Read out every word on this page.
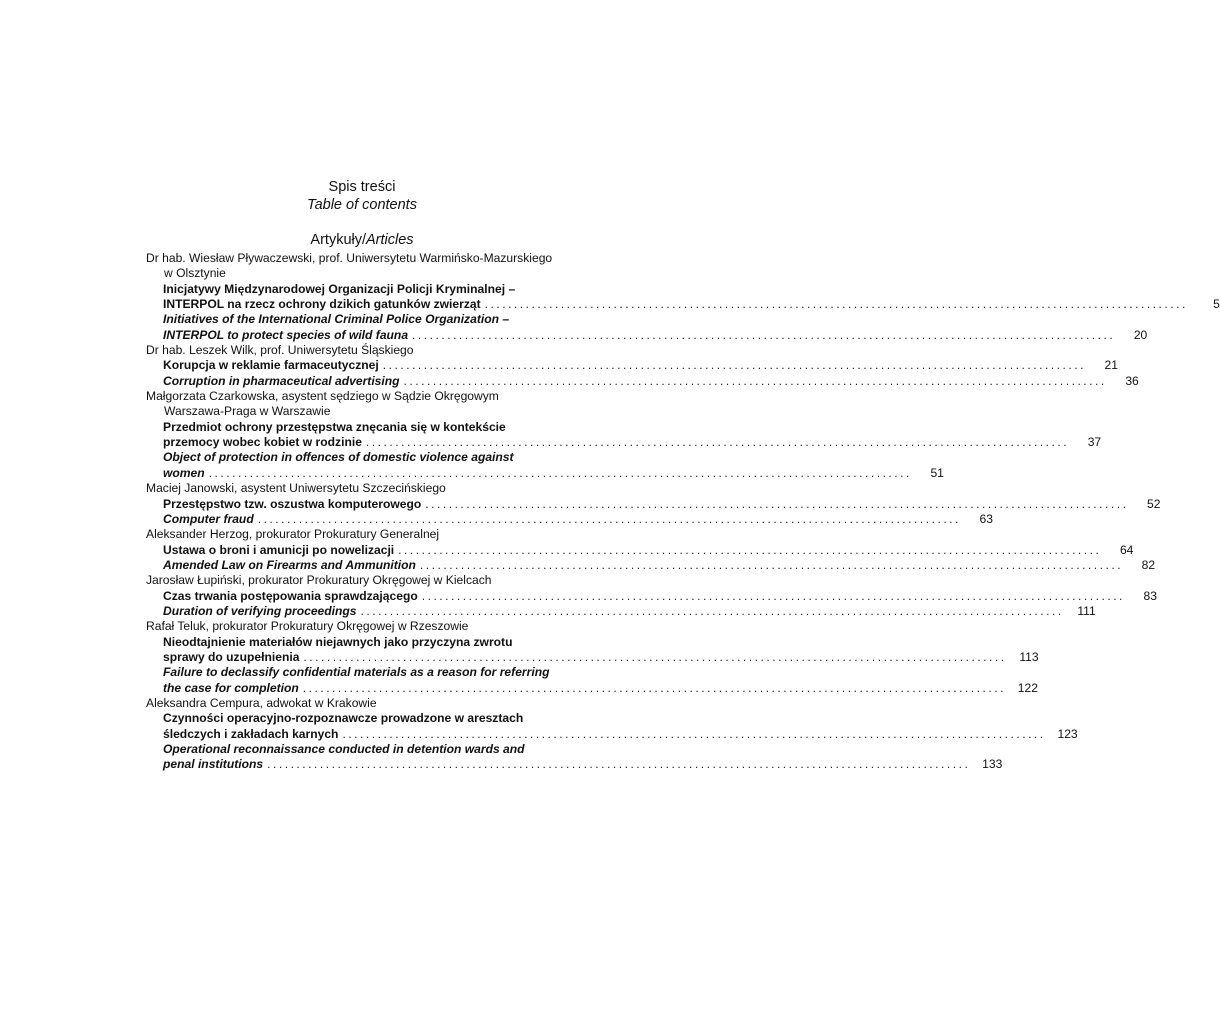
Spis treści
Table of contents
Artykuły/Articles
Dr hab. Wiesław Pływaczewski, prof. Uniwersytetu Warmińsko-Mazurskiego
w Olsztynie
Inicjatywy Międzynarodowej Organizacji Policji Kryminalnej –
INTERPOL na rzecz ochrony dzikich gatunków zwierząt ........................................................................................................................	5
Initiatives of the International Criminal Police Organization –
INTERPOL to protect species of wild fauna ........................................................................................................................	20
Dr hab. Leszek Wilk, prof. Uniwersytetu Śląskiego
Korupcja w reklamie farmaceutycznej ........................................................................................................................	21
Corruption in pharmaceutical advertising ........................................................................................................................	36
Małgorzata Czarkowska, asystent sędziego w Sądzie Okręgowym
Warszawa-Praga w Warszawie
Przedmiot ochrony przestępstwa znęcania się w kontekście
przemocy wobec kobiet w rodzinie ........................................................................................................................	37
Object of protection in offences of domestic violence against
women ........................................................................................................................	51
Maciej Janowski, asystent Uniwersytetu Szczecińskiego
Przestępstwo tzw. oszustwa komputerowego ........................................................................................................................	52
Computer fraud ........................................................................................................................	63
Aleksander Herzog, prokurator Prokuratury Generalnej
Ustawa o broni i amunicji po nowelizacji ........................................................................................................................	64
Amended Law on Firearms and Ammunition ........................................................................................................................	82
Jarosław Łupiński, prokurator Prokuratury Okręgowej w Kielcach
Czas trwania postępowania sprawdzającego ........................................................................................................................	83
Duration of verifying proceedings ........................................................................................................................	111
Rafał Teluk, prokurator Prokuratury Okręgowej w Rzeszowie
Nieodtajnienie materiałów niejawnych jako przyczyna zwrotu
sprawy do uzupełnienia ........................................................................................................................	113
Failure to declassify confidential materials as a reason for referring
the case for completion ........................................................................................................................ 122
Aleksandra Cempura, adwokat w Krakowie
Czynności operacyjno-rozpoznawcze prowadzone w aresztach
śledczych i zakładach karnych ........................................................................................................................ 123
Operational reconnaissance conducted in detention wards and
penal institutions ........................................................................................................................ 133
